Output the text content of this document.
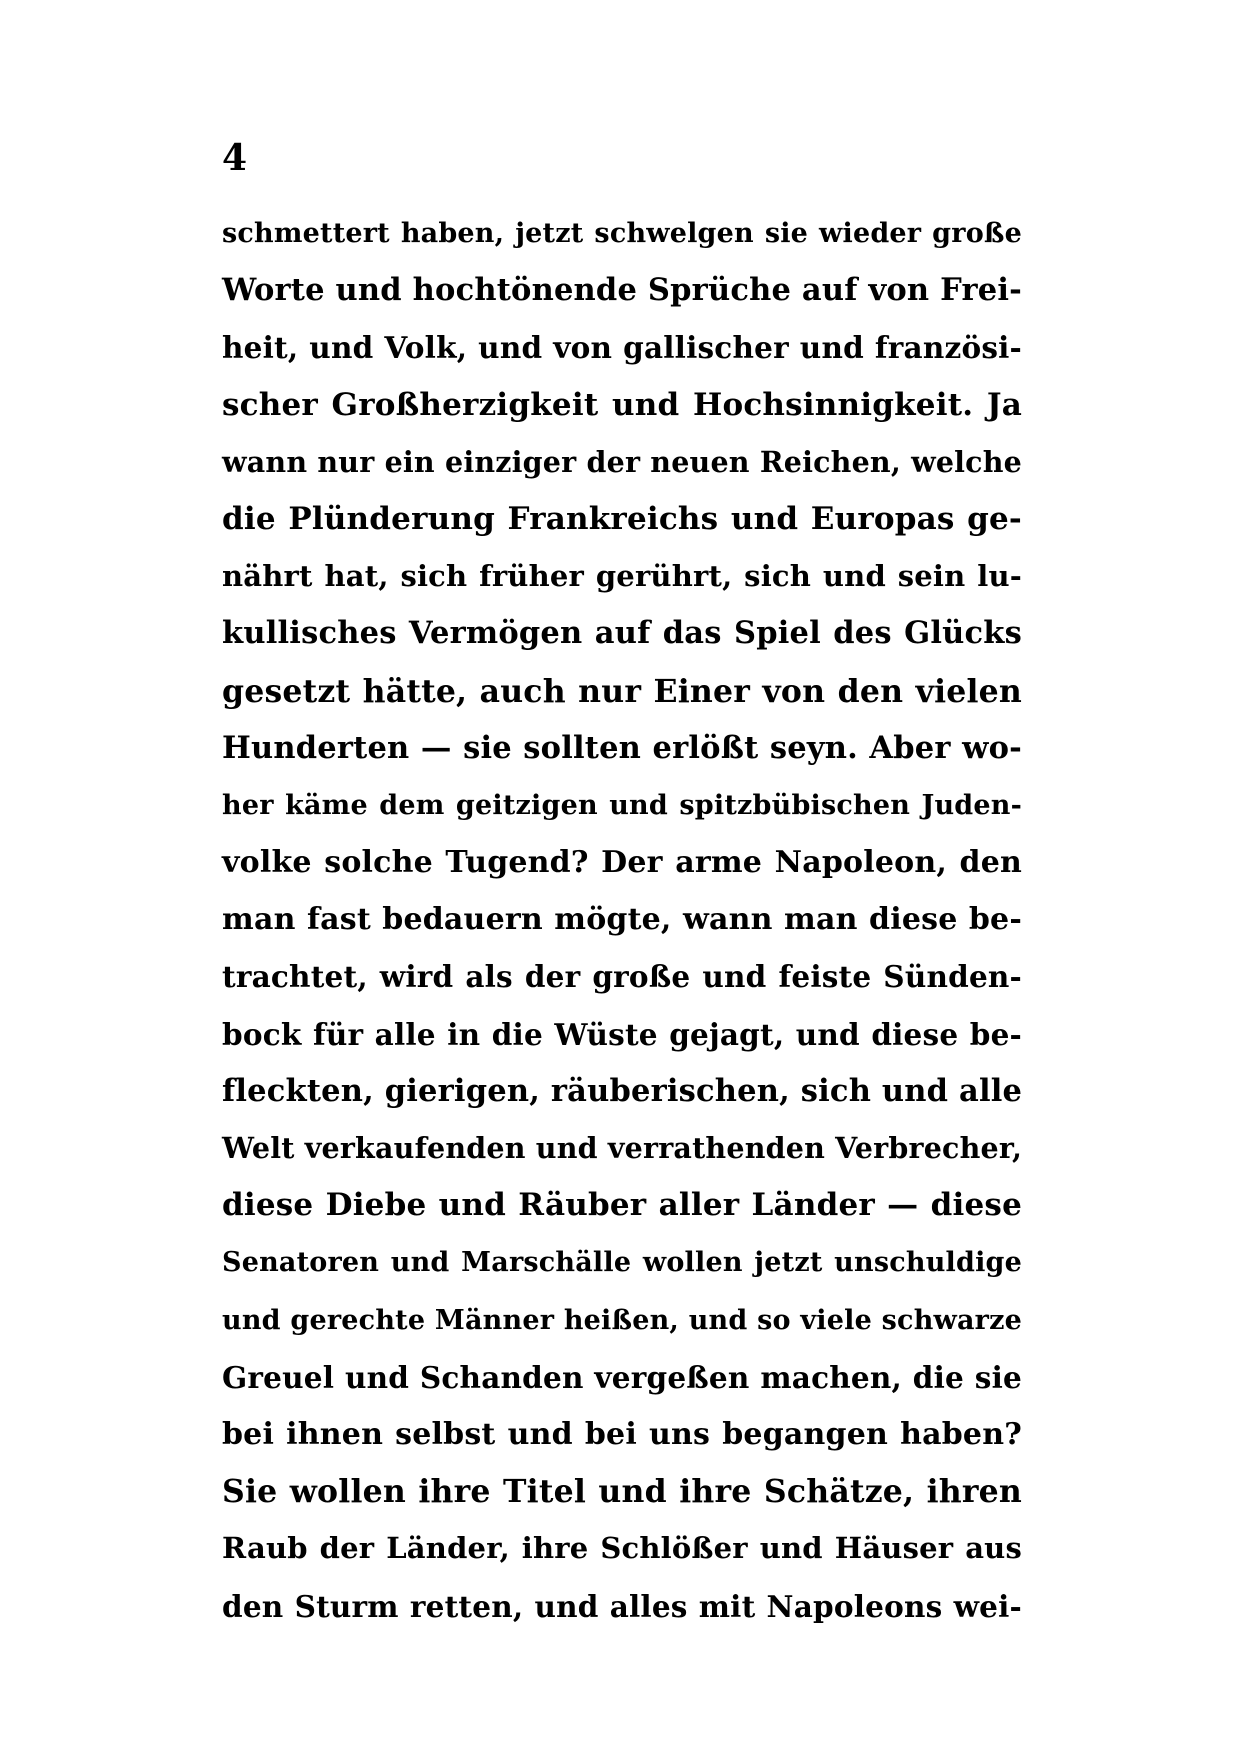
4
schmettert haben, jetzt schwelgen sie wieder große
Worte und hochtönende Sprüche auf von Frei-
heit, und Volk, und von gallischer und französi-
scher Großherzigkeit und Hochsinnigkeit. Ja
wann nur ein einziger der neuen Reichen, welche
die Plünderung Frankreichs und Europas ge-
nährt hat, sich früher gerührt, sich und sein lu-
kullisches Vermögen auf das Spiel des Glücks
gesetzt hätte, auch nur Einer von den vielen
Hunderten — sie sollten erlößt seyn. Aber wo-
her käme dem geitzigen und spitzbübischen Juden-
volke solche Tugend? Der arme Napoleon, den
man fast bedauern mögte, wann man diese be-
trachtet, wird als der große und feiste Sünden-
bock für alle in die Wüste gejagt, und diese be-
fleckten, gierigen, räuberischen, sich und alle
Welt verkaufenden und verrathenden Verbrecher,
diese Diebe und Räuber aller Länder — diese
Senatoren und Marschälle wollen jetzt unschuldige
und gerechte Männer heißen, und so viele schwarze
Greuel und Schanden vergeßen machen, die sie
bei ihnen selbst und bei uns begangen haben?
Sie wollen ihre Titel und ihre Schätze, ihren
Raub der Länder, ihre Schlößer und Häuser aus
den Sturm retten, und alles mit Napoleons wei-
